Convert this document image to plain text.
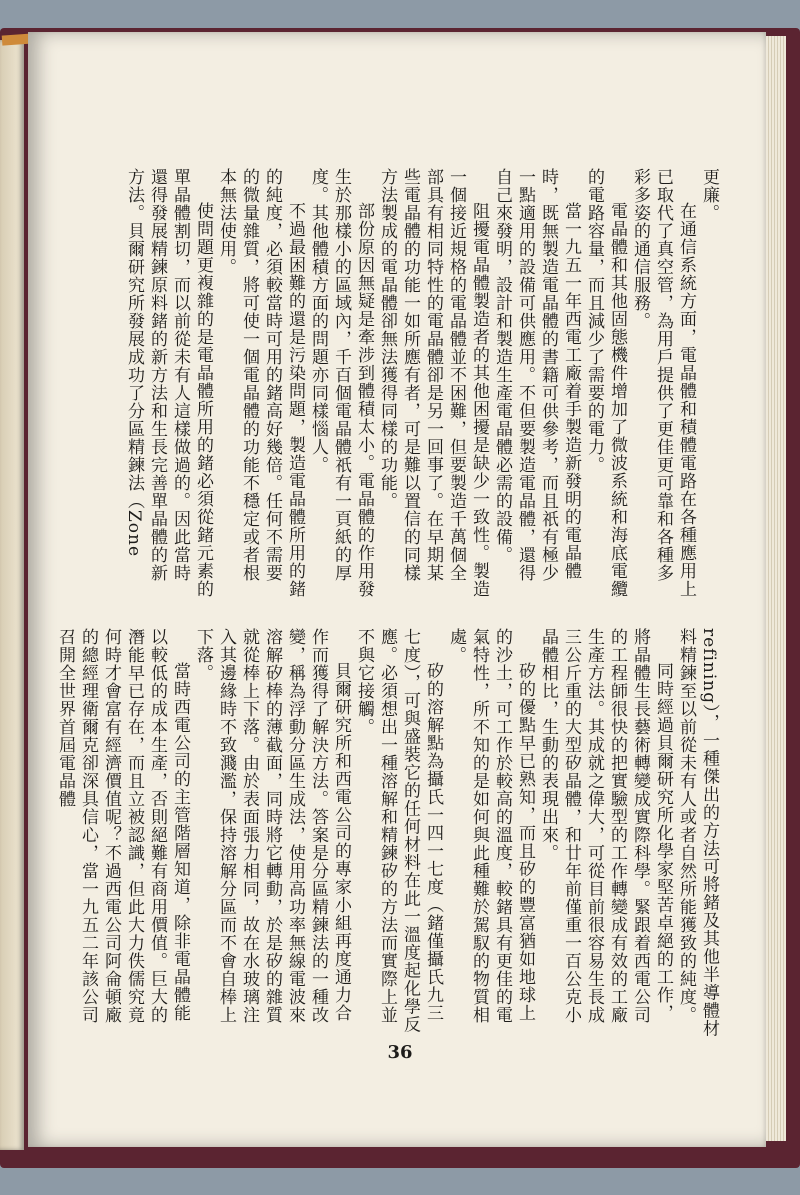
更廉。
在通信系統方面，電晶體和積體電路在各種應用上已取代了真空管，為用戶提供了更佳更可靠和各種多彩多姿的通信服務。
電晶體和其他固態機件增加了微波系統和海底電纜的電路容量，而且減少了需要的電力。
當一九五一年西電工廠着手製造新發明的電晶體時，既無製造電晶體的書籍可供參考，而且祇有極少一點適用的設備可供應用。不但要製造電晶體，還得自己來發明，設計和製造生產電晶體必需的設備。
阻擾電晶體製造者的其他困擾是缺少一致性。製造一個接近規格的電晶體並不困難，但要製造千萬個全部具有相同特性的電晶體卻是另一回事了。在早期某些電晶體的功能一如所應有者，可是難以置信的同樣方法製成的電晶體卻無法獲得同樣的功能。
部份原因無疑是牽涉到體積太小。電晶體的作用發生於那樣小的區域內，千百個電晶體祇有一頁紙的厚度。其他體積方面的問題亦同樣惱人。
不過最困難的還是污染問題，製造電晶體所用的鍺的純度，必須較當時可用的鍺高好幾倍。任何不需要的微量雜質，將可使一個電晶體的功能不穩定或者根本無法使用。
使問題更複雜的是電晶體所用的鍺必須從鍺元素的單晶體割切，而以前從未有人這樣做過的。因此當時還得發展精鍊原料鍺的新方法和生長完善單晶體的新方法。貝爾研究所發展成功了分區精鍊法（Zone
refining），一種傑出的方法可將鍺及其他半導體材料精鍊至以前從未有人或者自然所能獲致的純度。
同時經過貝爾研究所化學家堅苦卓絕的工作，將晶體生長藝術轉變成實際科學。緊跟着西電公司的工程師很快的把實驗型的工作轉變成有效的工廠生產方法。其成就之偉大，可從目前很容易生長成三公斤重的大型矽晶體，和廿年前僅重一百公克小晶體相比，生動的表現出來。
矽的優點早已熟知，而且矽的豐富猶如地球上的沙土，可工作於較高的溫度，較鍺具有更佳的電氣特性，所不知的是如何與此種難於駕馭的物質相處。
矽的溶解點為攝氏一四一七度（鍺僅攝氏九三七度），可與盛裝它的任何材料在此一溫度起化學反應。必須想出一種溶解和精鍊矽的方法而實際上並不與它接觸。
貝爾研究所和西電公司的專家小組再度通力合作而獲得了解決方法。答案是分區精鍊法的一種改變，稱為浮動分區生成法，使用高功率無線電波來溶解矽棒的薄截面，同時將它轉動，於是矽的雜質就從棒上下落。由於表面張力相同，故在水玻璃注入其邊緣時不致濺濫，保持溶解分區而不會自棒上下落。
當時西電公司的主管階層知道，除非電晶體能以較低的成本生產，否則絕難有商用價值。巨大的潛能早已存在，而且立被認識，但此大力佚儒究竟何時才會富有經濟價值呢？不過西電公司阿侖頓廠的總經理衛爾克卻深具信心，當一九五二年該公司召開全世界首屆電晶體
36
